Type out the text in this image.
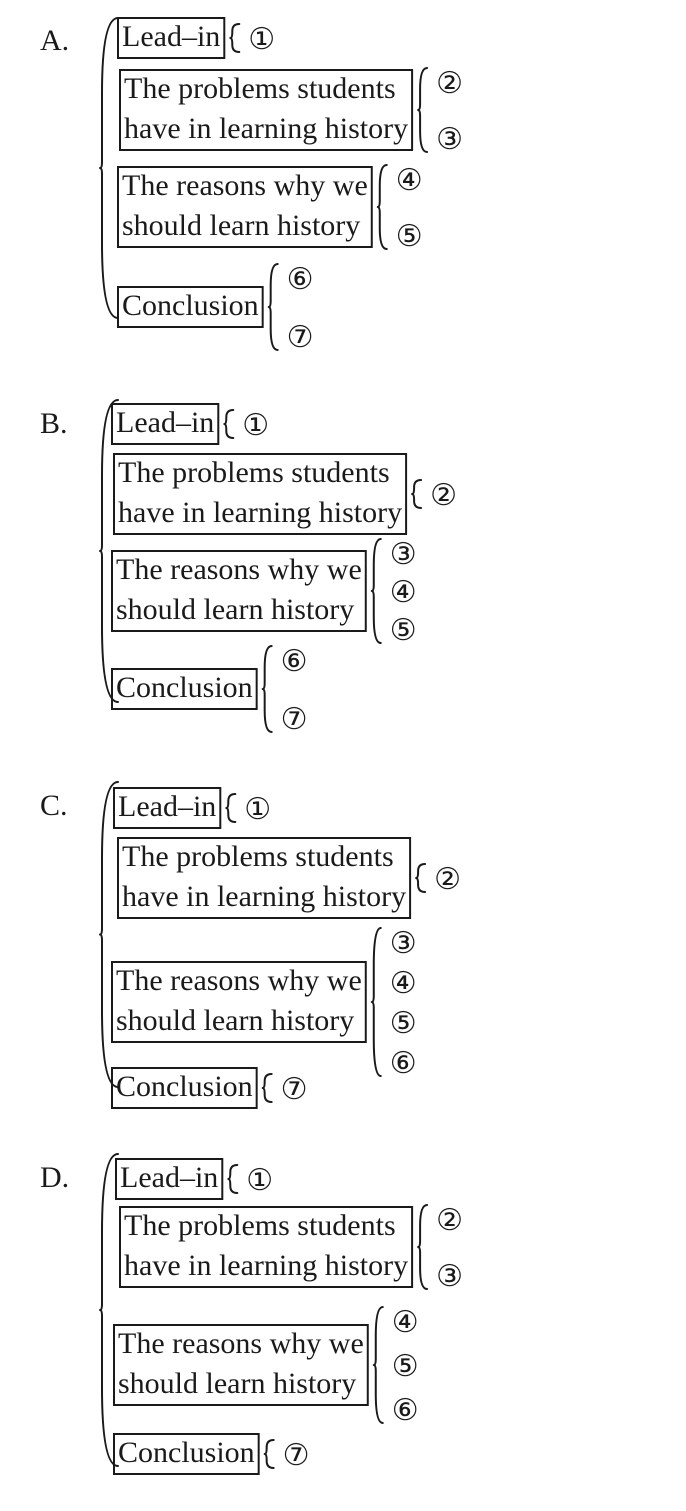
A. Lead–in ①
The problems students
have in learning history
②
③
The reasons why we
should learn history
④
⑤
Conclusion
⑥
⑦
B. Lead–in ①
The problems students
have in learning history
②
The reasons why we
should learn history
③
④
⑤
Conclusion
⑥
⑦
C. Lead–in ①
The problems students
have in learning history
②
The reasons why we
should learn history
③
④
⑤
⑥
Conclusion ⑦
D. Lead–in ①
The problems students
have in learning history
②
③
The reasons why we
should learn history
④
⑤
⑥
Conclusion ⑦
